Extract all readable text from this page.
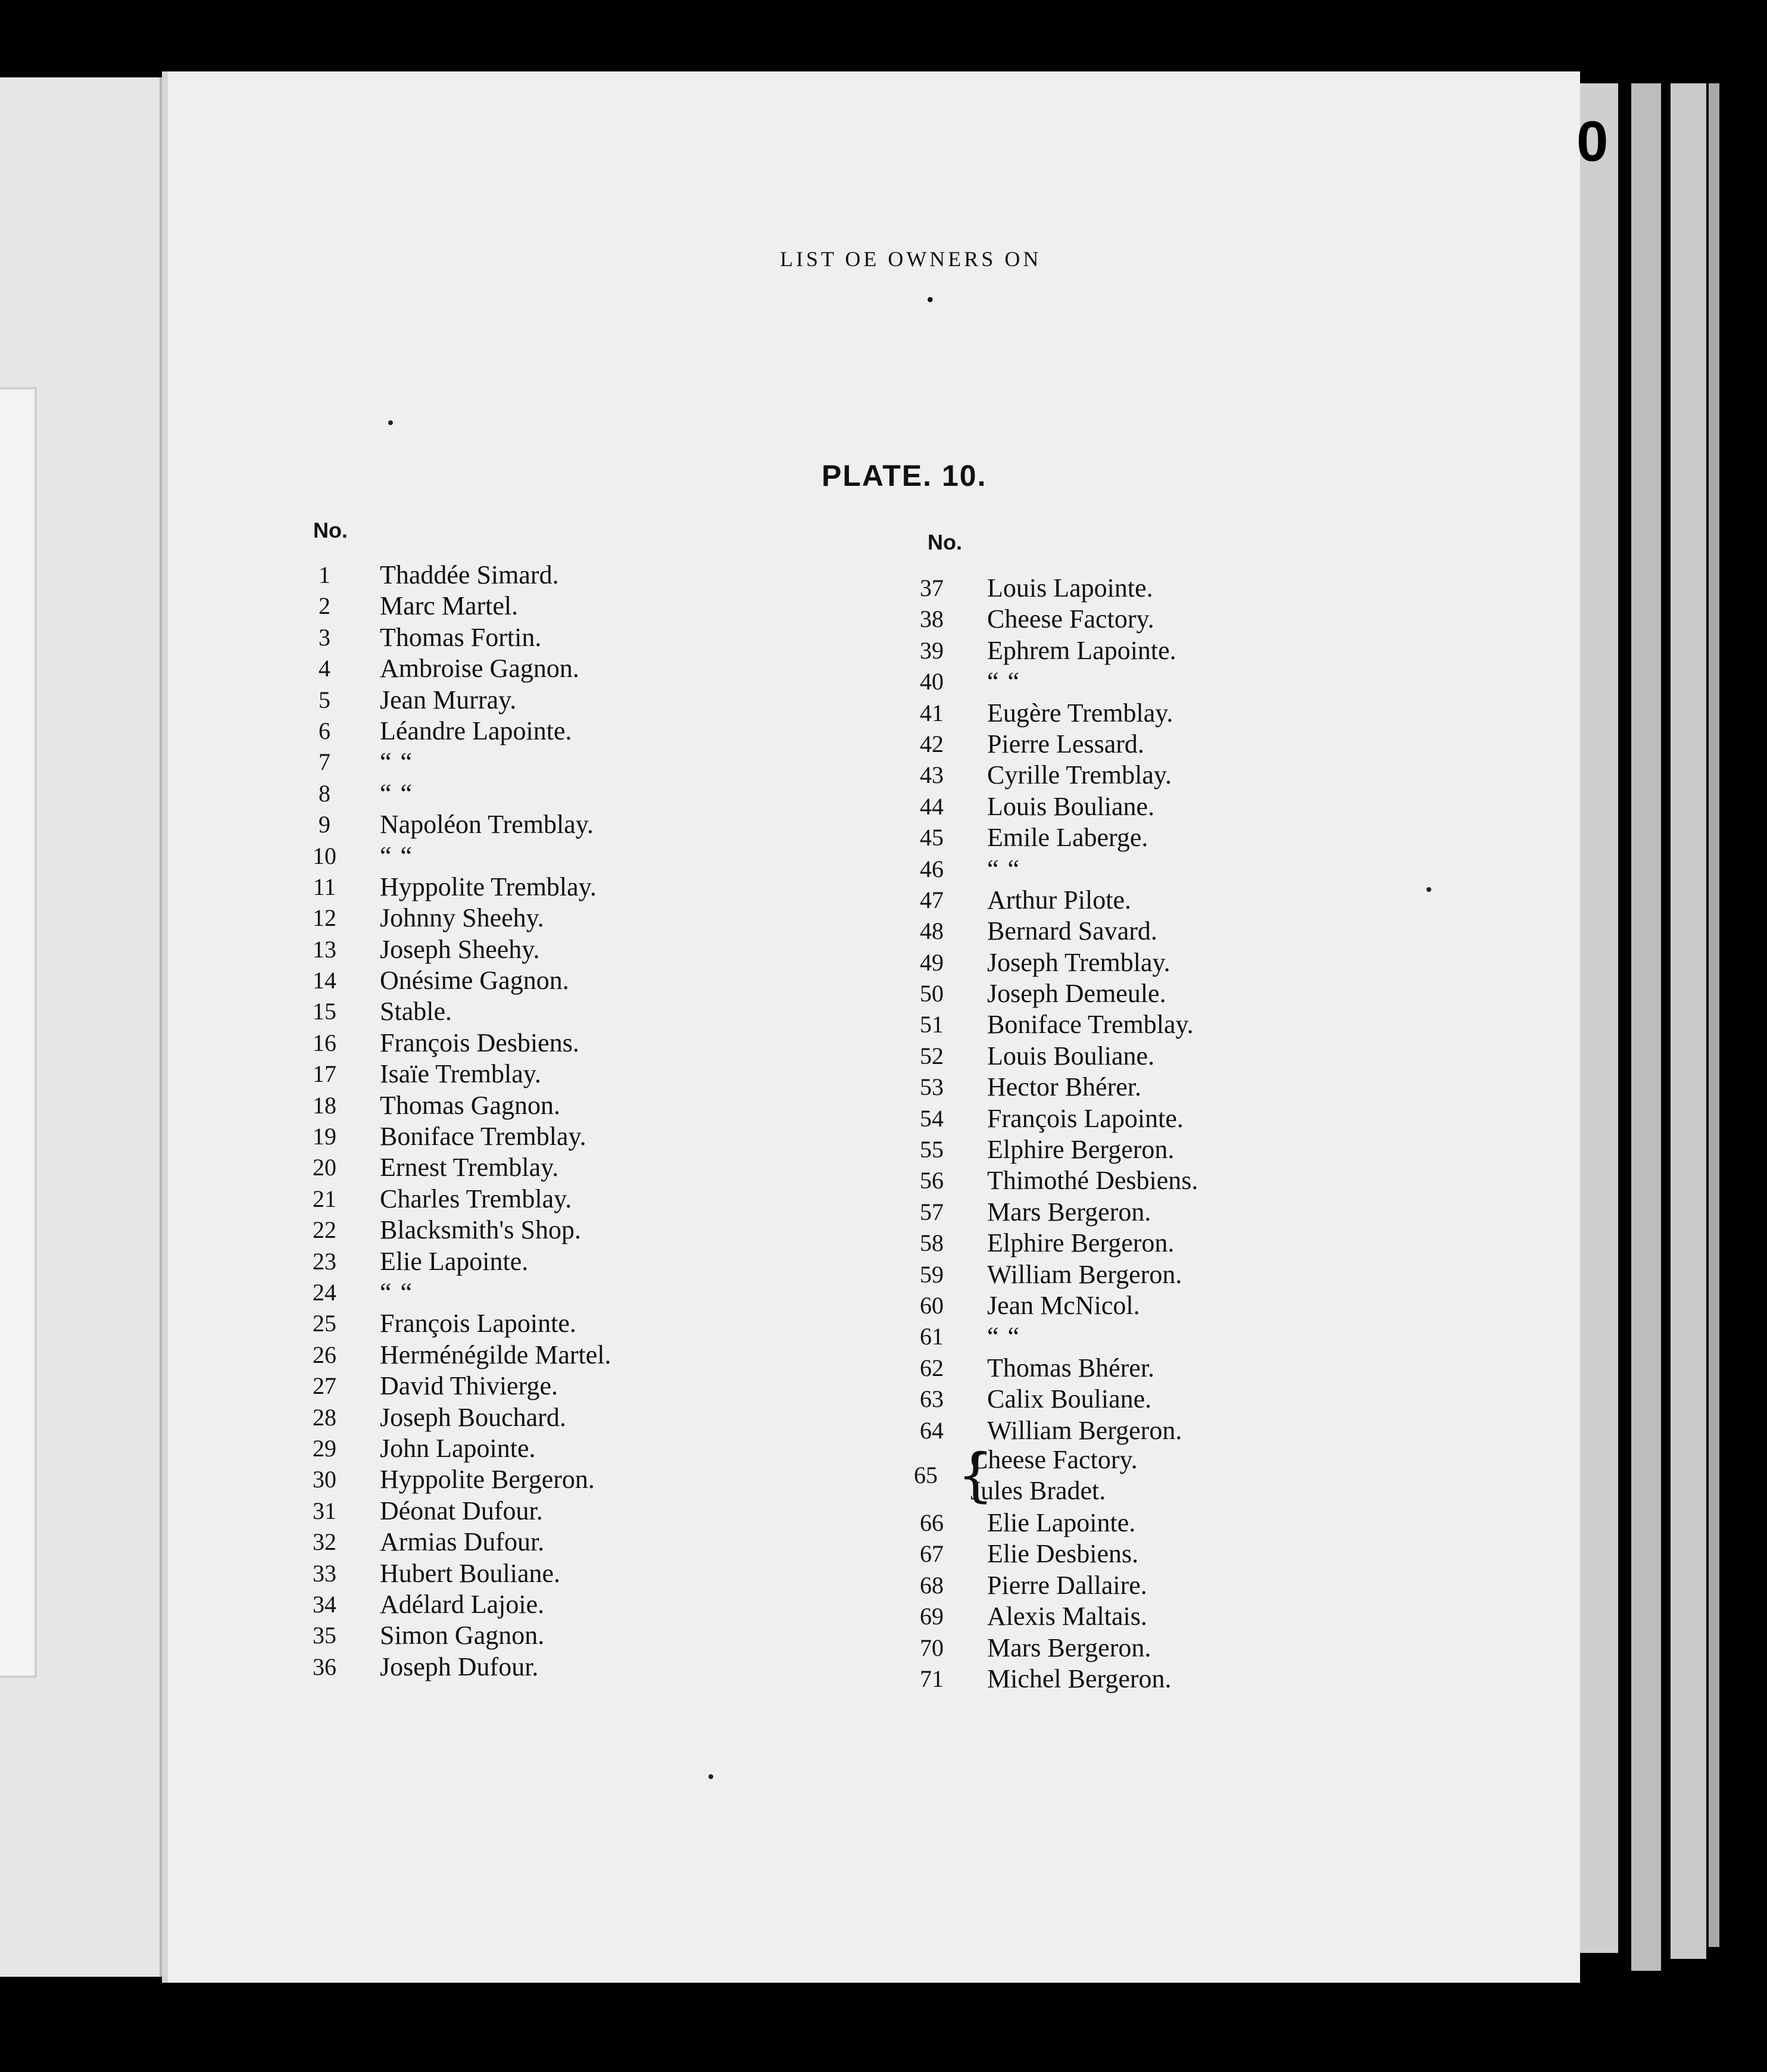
0
LIST OE OWNERS ON
•
PLATE. 10.
No.	No.
1	Thaddée Simard.
2	Marc Martel.
3	Thomas Fortin.
4	Ambroise Gagnon.
5	Jean Murray.
6	Léandre Lapointe.
7	“ “
8	“ “
9	Napoléon Tremblay.
10	“ “
11	Hyppolite Tremblay.
12	Johnny Sheehy.
13	Joseph Sheehy.
14	Onésime Gagnon.
15	Stable.
16	François Desbiens.
17	Isaïe Tremblay.
18	Thomas Gagnon.
19	Boniface Tremblay.
20	Ernest Tremblay.
21	Charles Tremblay.
22	Blacksmith's Shop.
23	Elie Lapointe.
24	“ “
25	François Lapointe.
26	Herménégilde Martel.
27	David Thivierge.
28	Joseph Bouchard.
29	John Lapointe.
30	Hyppolite Bergeron.
31	Déonat Dufour.
32	Armias Dufour.
33	Hubert Bouliane.
34	Adélard Lajoie.
35	Simon Gagnon.
36	Joseph Dufour.
37	Louis Lapointe.
38	Cheese Factory.
39	Ephrem Lapointe.
40	“ “
41	Eugère Tremblay.
42	Pierre Lessard.
43	Cyrille Tremblay.
44	Louis Bouliane.
45	Emile Laberge.
46	“ “
47	Arthur Pilote.
48	Bernard Savard.
49	Joseph Tremblay.
50	Joseph Demeule.
51	Boniface Tremblay.
52	Louis Bouliane.
53	Hector Bhérer.
54	François Lapointe.
55	Elphire Bergeron.
56	Thimothé Desbiens.
57	Mars Bergeron.
58	Elphire Bergeron.
59	William Bergeron.
60	Jean McNicol.
61	“ “
62	Thomas Bhérer.
63	Calix Bouliane.
64	William Bergeron.
65 {
Cheese Factory.
Jules Bradet.
66	Elie Lapointe.
67	Elie Desbiens.
68	Pierre Dallaire.
69	Alexis Maltais.
70	Mars Bergeron.
71	Michel Bergeron.
